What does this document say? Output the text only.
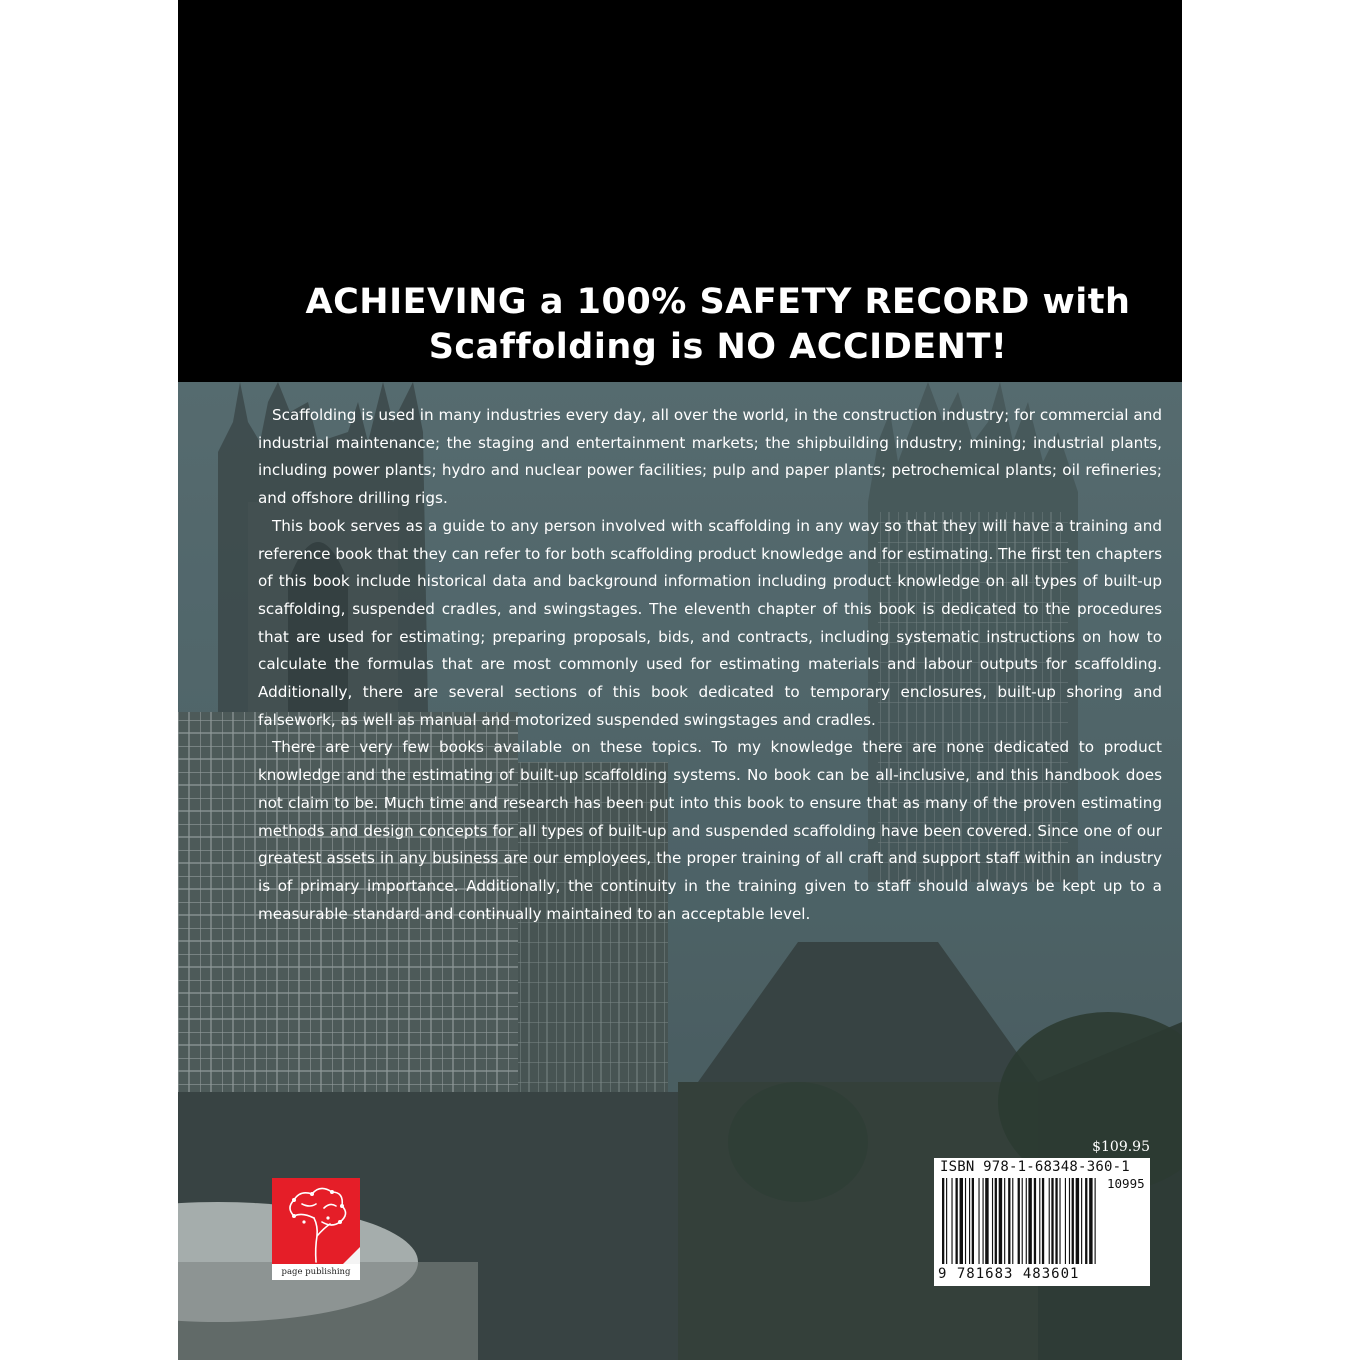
ACHIEVING a 100% SAFETY RECORD with
Scaffolding is NO ACCIDENT!

Scaffolding is used in many industries every day, all over the world, in the construction industry; for commercial and industrial maintenance; the staging and entertainment markets; the shipbuilding industry; mining; industrial plants, including power plants; hydro and nuclear power facilities; pulp and paper plants; petrochemical plants; oil refineries; and offshore drilling rigs.

This book serves as a guide to any person involved with scaffolding in any way so that they will have a training and reference book that they can refer to for both scaffolding product knowledge and for estimating. The first ten chapters of this book include historical data and background information including product knowledge on all types of built-up scaffolding, suspended cradles, and swingstages. The eleventh chapter of this book is dedicated to the procedures that are used for estimating; preparing proposals, bids, and contracts, including systematic instructions on how to calculate the formulas that are most commonly used for estimating materials and labour outputs for scaffolding. Additionally, there are several sections of this book dedicated to temporary enclosures, built-up shoring and falsework, as well as manual and motorized suspended swingstages and cradles.

There are very few books available on these topics. To my knowledge there are none dedicated to product knowledge and the estimating of built-up scaffolding systems. No book can be all-inclusive, and this handbook does not claim to be. Much time and research has been put into this book to ensure that as many of the proven estimating methods and design concepts for all types of built-up and suspended scaffolding have been covered. Since one of our greatest assets in any business are our employees, the proper training of all craft and support staff within an industry is of primary importance. Additionally, the continuity in the training given to staff should always be kept up to a measurable standard and continually maintained to an acceptable level.

page publishing
$109.95
ISBN 978-1-68348-360-1
10995
9 781683 483601
